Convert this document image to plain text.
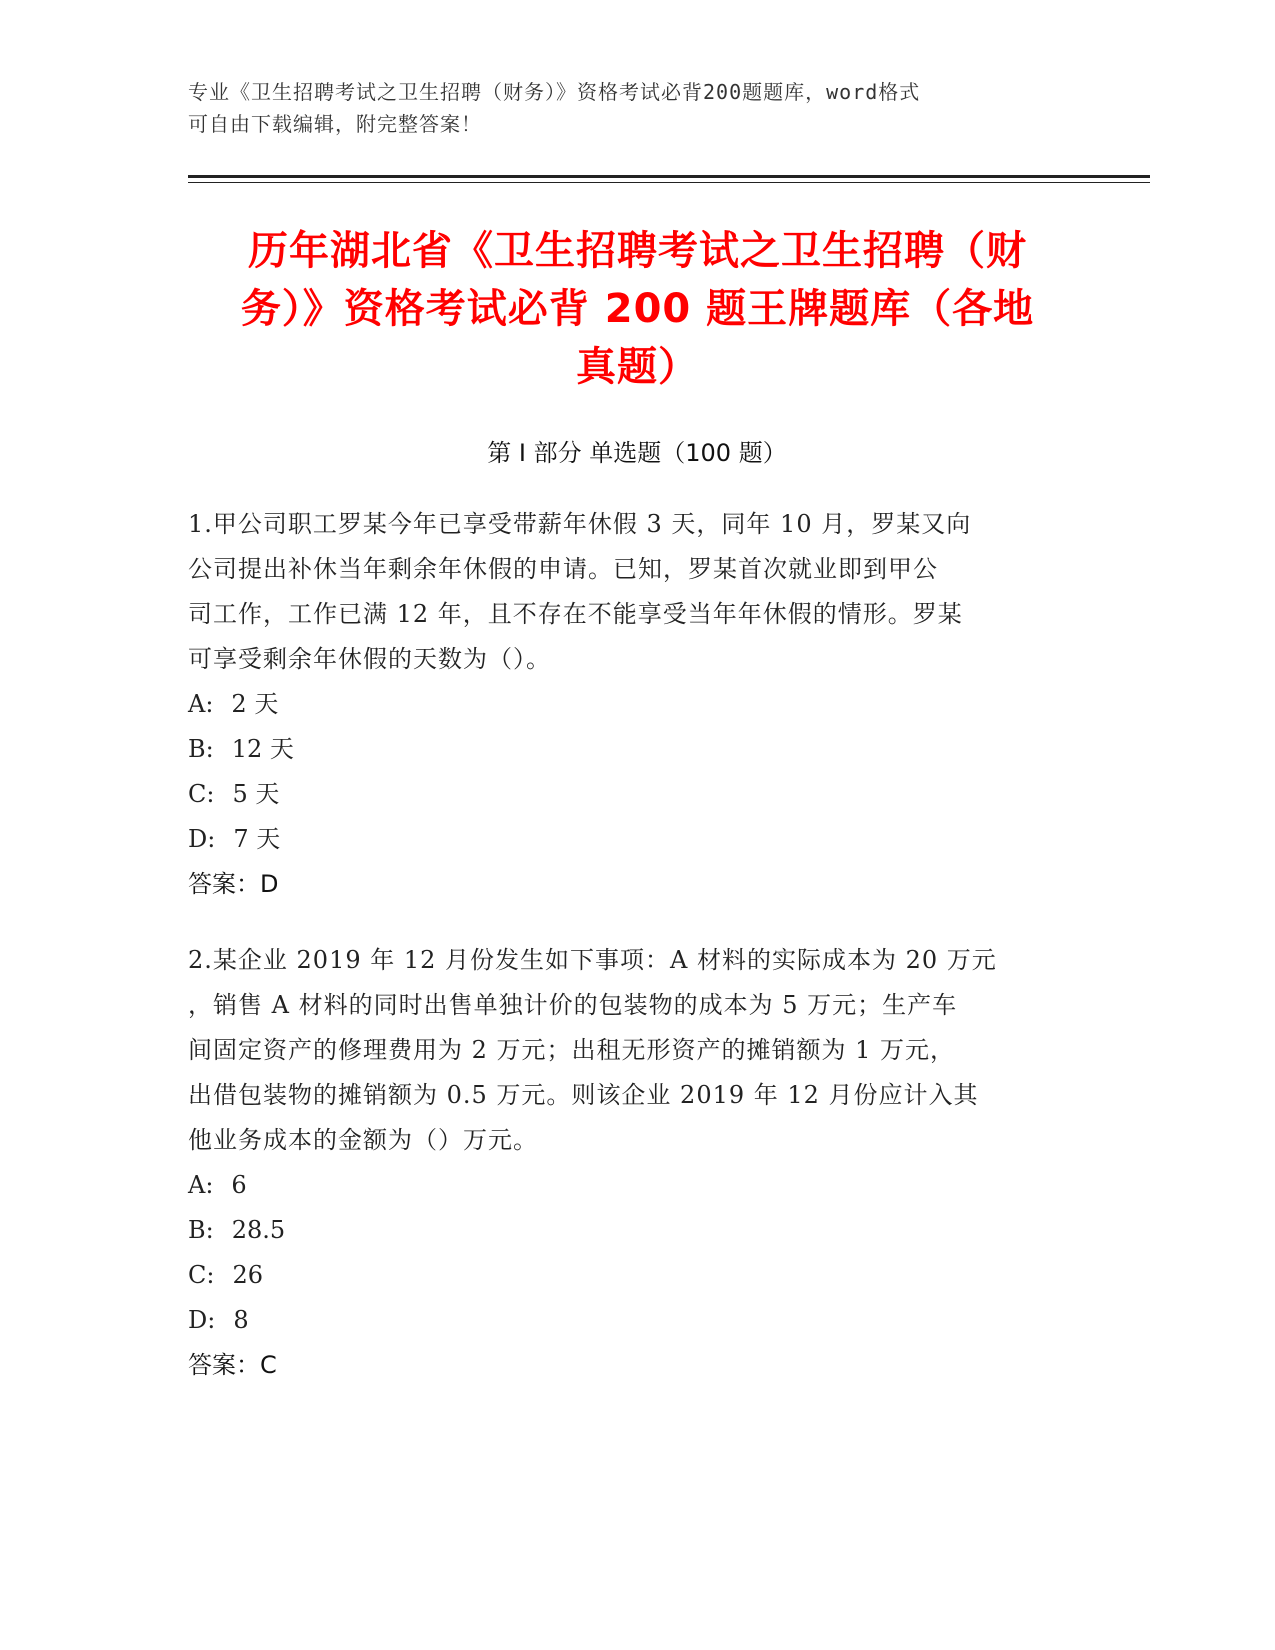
专业《卫生招聘考试之卫生招聘（财务）》资格考试必背200题题库，word格式
可自由下载编辑，附完整答案！
历年湖北省《卫生招聘考试之卫生招聘（财
务）》资格考试必背 200 题王牌题库（各地
真题）
第 I 部分 单选题（100 题）
1.甲公司职工罗某今年已享受带薪年休假 3 天，同年 10 月，罗某又向
公司提出补休当年剩余年休假的申请。已知，罗某首次就业即到甲公
司工作，工作已满 12 年，且不存在不能享受当年年休假的情形。罗某
可享受剩余年休假的天数为（）。
A: 2 天
B: 12 天
C: 5 天
D: 7 天
答案：D
2.某企业 2019 年 12 月份发生如下事项：A 材料的实际成本为 20 万元
，销售 A 材料的同时出售单独计价的包装物的成本为 5 万元；生产车
间固定资产的修理费用为 2 万元；出租无形资产的摊销额为 1 万元，
出借包装物的摊销额为 0.5 万元。则该企业 2019 年 12 月份应计入其
他业务成本的金额为（）万元。
A: 6
B: 28.5
C: 26
D: 8
答案：C
